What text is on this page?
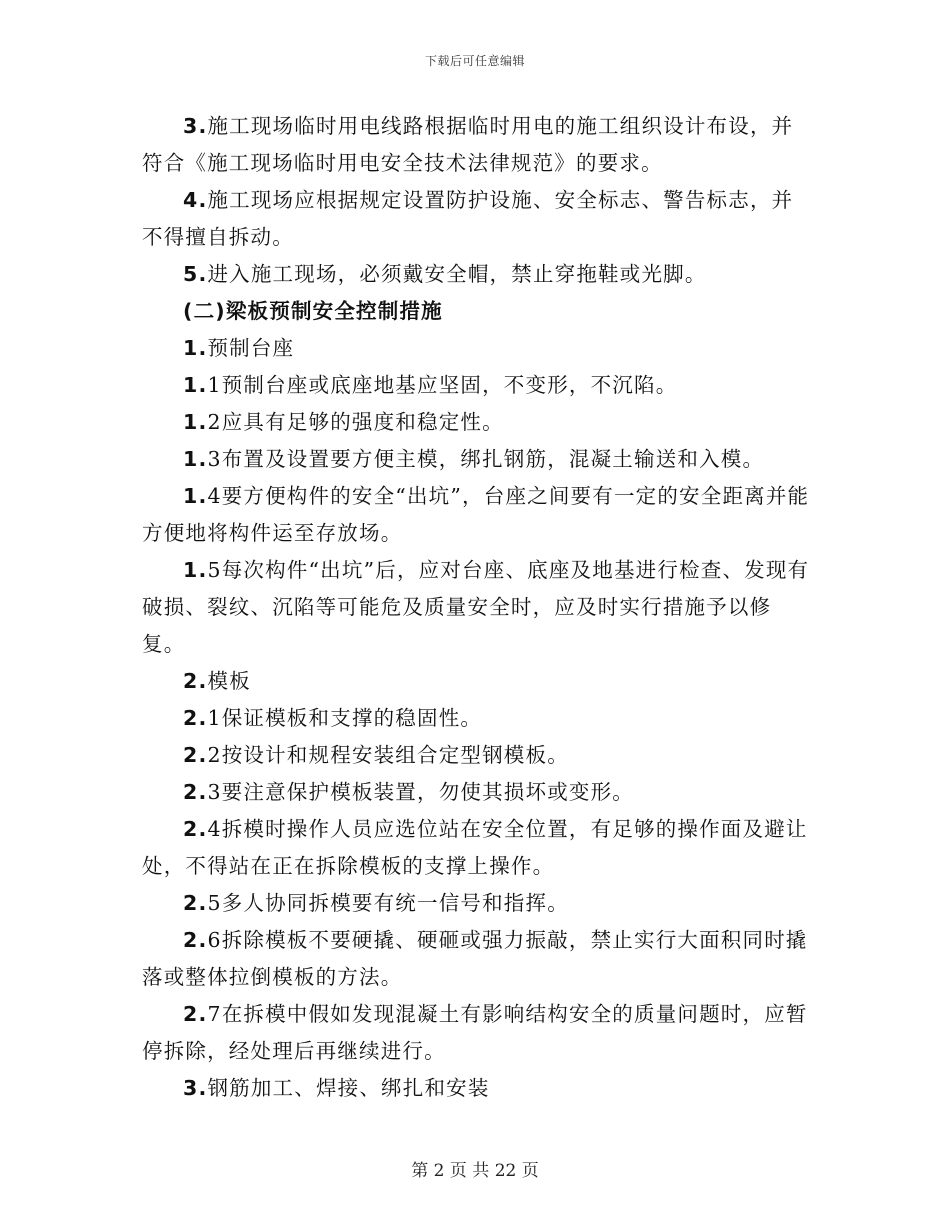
下载后可任意编辑

3.施工现场临时用电线路根据临时用电的施工组织设计布设，并符合《施工现场临时用电安全技术法律规范》的要求。

4.施工现场应根据规定设置防护设施、安全标志、警告标志，并不得擅自拆动。

5.进入施工现场，必须戴安全帽，禁止穿拖鞋或光脚。

(二)梁板预制安全控制措施

1.预制台座

1.1预制台座或底座地基应坚固，不变形，不沉陷。

1.2应具有足够的强度和稳定性。

1.3布置及设置要方便主模，绑扎钢筋，混凝土输送和入模。

1.4要方便构件的安全“出坑”，台座之间要有一定的安全距离并能方便地将构件运至存放场。

1.5每次构件“出坑”后，应对台座、底座及地基进行检查、发现有破损、裂纹、沉陷等可能危及质量安全时，应及时实行措施予以修复。

2.模板

2.1保证模板和支撑的稳固性。

2.2按设计和规程安装组合定型钢模板。

2.3要注意保护模板装置，勿使其损坏或变形。

2.4拆模时操作人员应选位站在安全位置，有足够的操作面及避让处，不得站在正在拆除模板的支撑上操作。

2.5多人协同拆模要有统一信号和指挥。

2.6拆除模板不要硬撬、硬砸或强力振敲，禁止实行大面积同时撬落或整体拉倒模板的方法。

2.7在拆模中假如发现混凝土有影响结构安全的质量问题时，应暂停拆除，经处理后再继续进行。

3.钢筋加工、焊接、绑扎和安装

第 2 页 共 22 页
